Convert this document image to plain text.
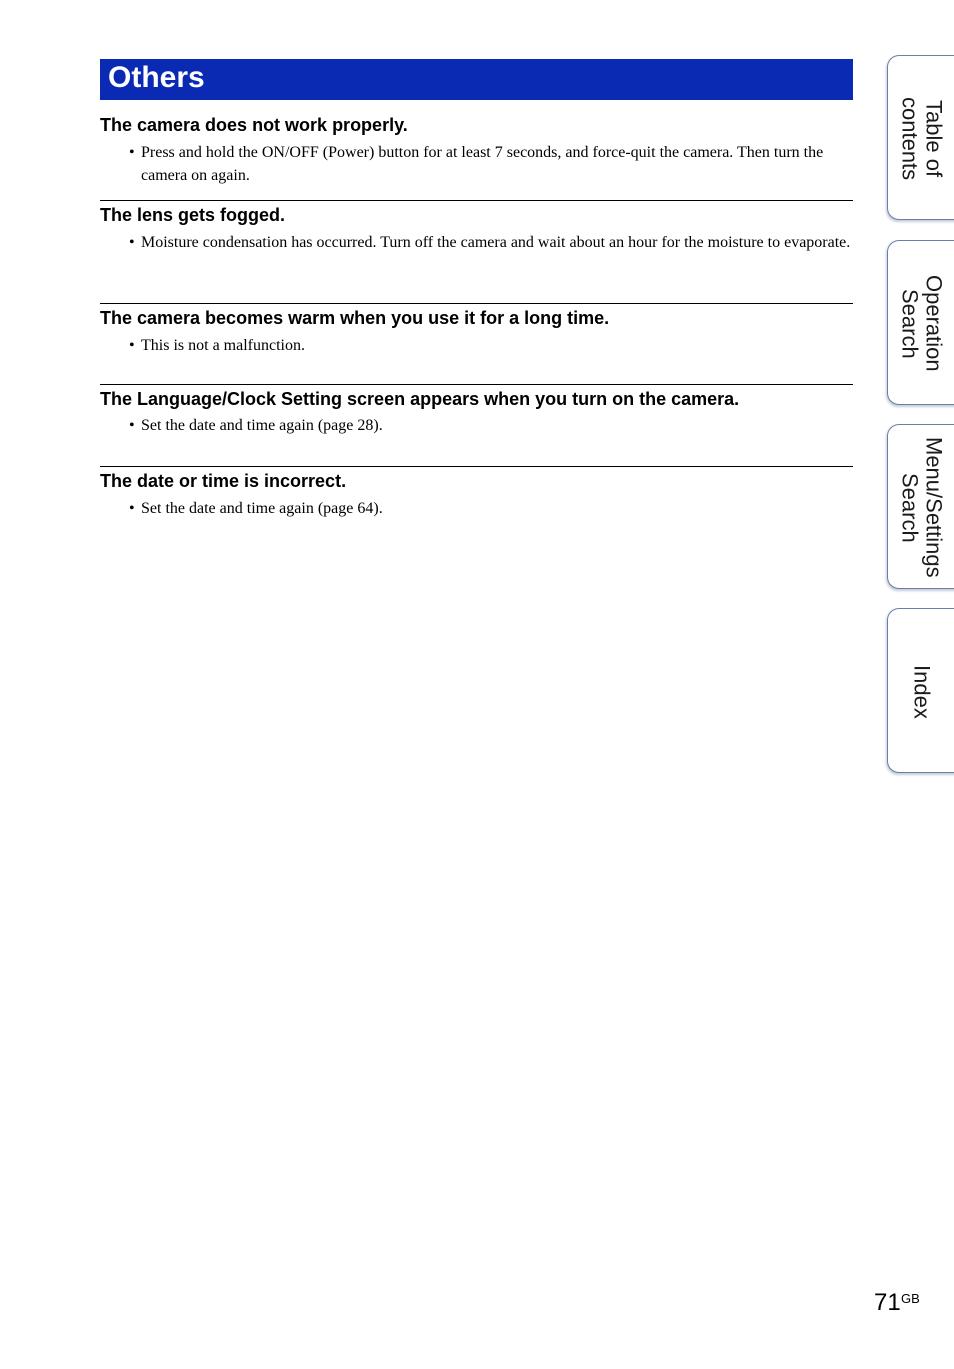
Others
The camera does not work properly.
• Press and hold the ON/OFF (Power) button for at least 7 seconds, and force-quit the camera. Then turn the camera on again.
The lens gets fogged.
• Moisture condensation has occurred. Turn off the camera and wait about an hour for the moisture to evaporate.
The camera becomes warm when you use it for a long time.
• This is not a malfunction.
The Language/Clock Setting screen appears when you turn on the camera.
• Set the date and time again (page 28).
The date or time is incorrect.
• Set the date and time again (page 64).
Table of
contents
Operation
Search
Menu/Settings
Search
Index
71 GB
